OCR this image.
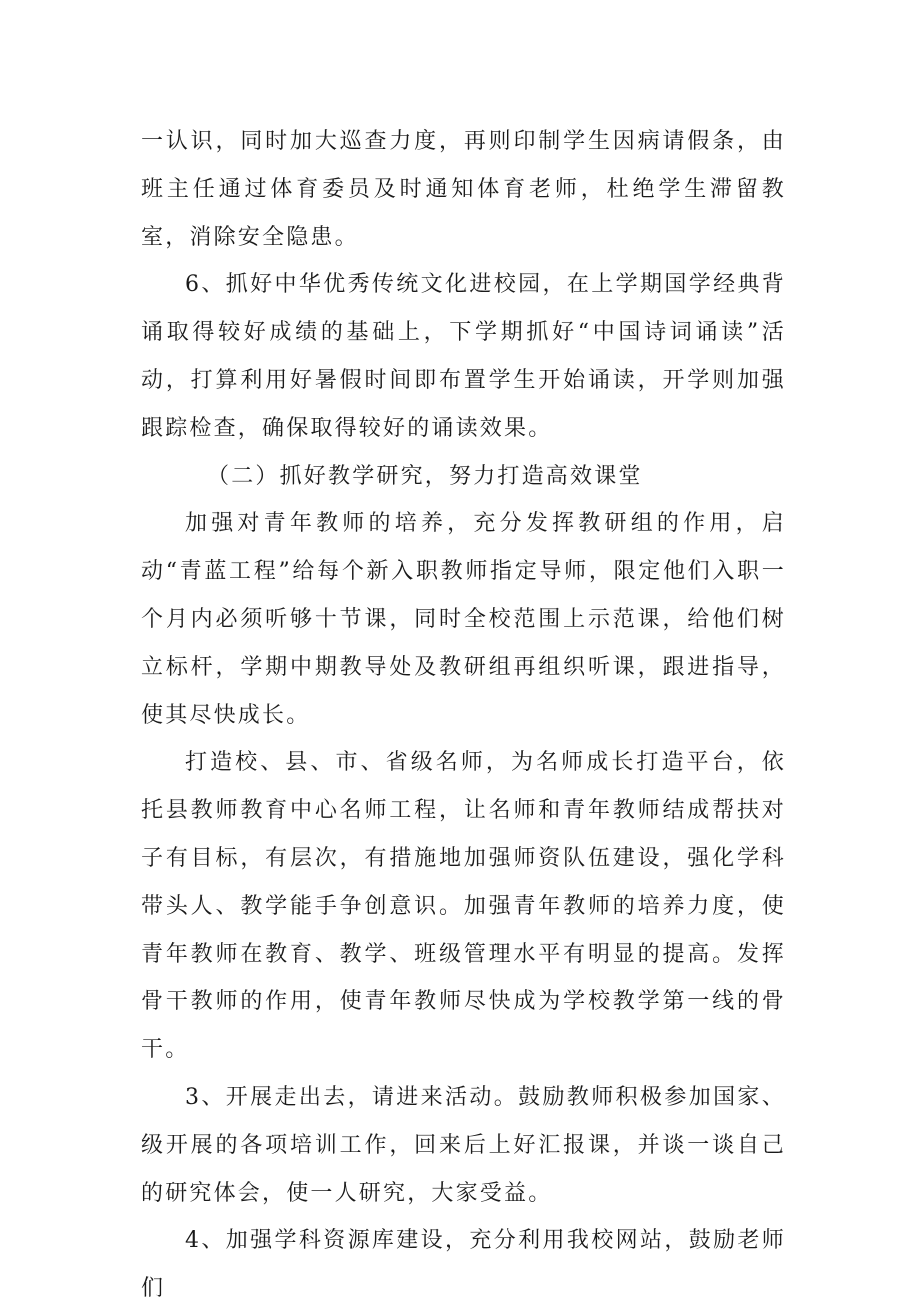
一认识，同时加大巡查力度，再则印制学生因病请假条，由班主任通过体育委员及时通知体育老师，杜绝学生滞留教室，消除安全隐患。

6、抓好中华优秀传统文化进校园，在上学期国学经典背诵取得较好成绩的基础上，下学期抓好“中国诗词诵读”活动，打算利用好暑假时间即布置学生开始诵读，开学则加强跟踪检查，确保取得较好的诵读效果。

（二）抓好教学研究，努力打造高效课堂

加强对青年教师的培养，充分发挥教研组的作用，启动“青蓝工程”给每个新入职教师指定导师，限定他们入职一个月内必须听够十节课，同时全校范围上示范课，给他们树立标杆，学期中期教导处及教研组再组织听课，跟进指导，使其尽快成长。

打造校、县、市、省级名师，为名师成长打造平台，依托县教师教育中心名师工程，让名师和青年教师结成帮扶对子有目标，有层次，有措施地加强师资队伍建设，强化学科带头人、教学能手争创意识。加强青年教师的培养力度，使青年教师在教育、教学、班级管理水平有明显的提高。发挥骨干教师的作用，使青年教师尽快成为学校教学第一线的骨干。

3、开展走出去，请进来活动。鼓励教师积极参加国家、级开展的各项培训工作，回来后上好汇报课，并谈一谈自己的研究体会，使一人研究，大家受益。

4、加强学科资源库建设，充分利用我校网站，鼓励老师们
